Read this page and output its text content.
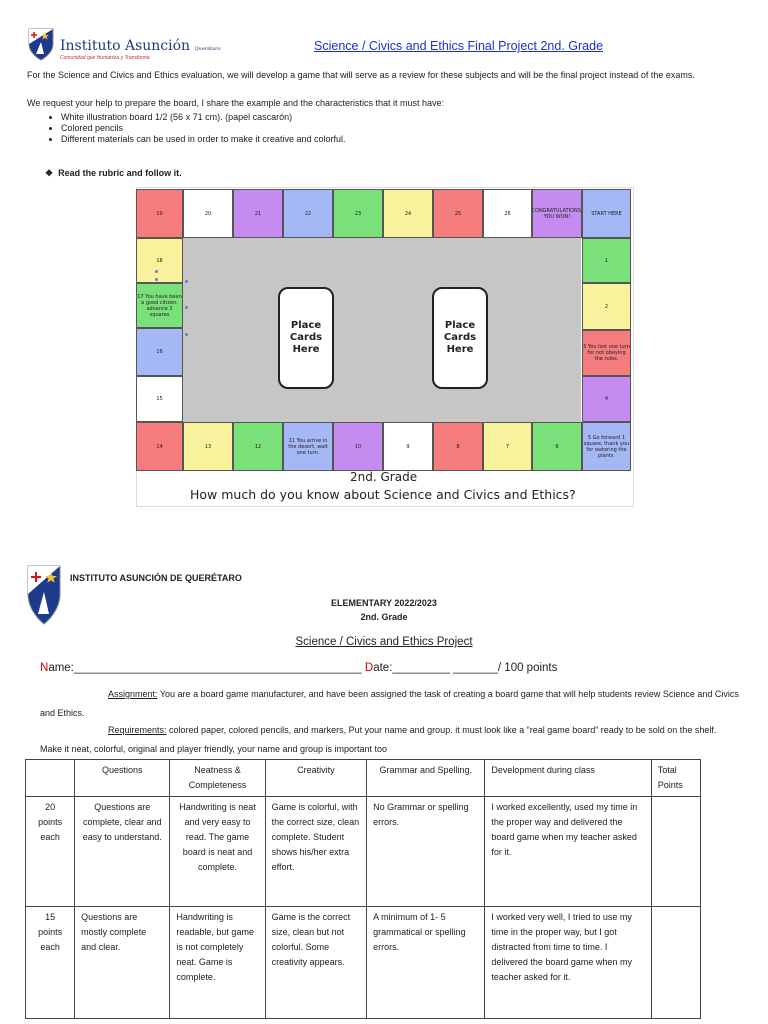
Instituto Asunción Querétaro
Comunidad que Humaniza y Transforma
Science / Civics and Ethics Final Project 2nd. Grade
For the Science and Civics and Ethics evaluation, we will develop a game that will serve as a review for these subjects and will be the final project instead of the exams.
We request your help to prepare the board, I share the example and the characteristics that it must have:
• White illustration board 1/2 (56 x 71 cm). (papel cascarón)
• Colored pencils
• Different materials can be used in order to make it creative and colorful.
❖ Read the rubric and follow it.
19	20	21	22	23	24	25	26	CONGRATULATIONS, YOU WON!	START HERE
18
17 You have been a good citizen, advance 2 squares
16
15
1
2
3 You lost one turn for not obeying the rules.
4
5 Go forward 1 square, thank you for watering the plants.
14	13	12
11 You arrive in the desert, wait one turn.
10	9	8	7	6
Place Cards Here
Place Cards Here
2nd. Grade
How much do you know about Science and Civics and Ethics?
INSTITUTO ASUNCIÓN DE QUERÉTARO
ELEMENTARY 2022/2023
2nd. Grade
Science / Civics and Ethics Project
Name:_____________________________________________ Date:_________ _______/ 100 points
Assignment: You are a board game manufacturer, and have been assigned the task of creating a board game that will help students review Science and Civics and Ethics.
Requirements: colored paper, colored pencils, and markers, Put your name and group. it must look like a “real game board” ready to be sold on the shelf. Make it neat, colorful, original and player friendly, your name and group is important too
	Questions	Neatness & Completeness	Creativity	Grammar and Spelling.	Development during class	Total Points
20 points each	Questions are complete, clear and easy to understand.	Handwriting is neat and very easy to read. The game board is neat and complete.	Game is colorful, with the correct size, clean complete. Student shows his/her extra effort.	No Grammar or spelling errors.	I worked excellently, used my time in the proper way and delivered the board game when my teacher asked for it.	
15 points each	Questions are mostly complete and clear.	Handwriting is readable, but game is not completely neat. Game is complete.	Game is the correct size, clean but not colorful. Some creativity appears.	A minimum of 1- 5 grammatical or spelling errors.	I worked very well, I tried to use my time in the proper way, but I got distracted from time to time. I delivered the board game when my teacher asked for it.	
